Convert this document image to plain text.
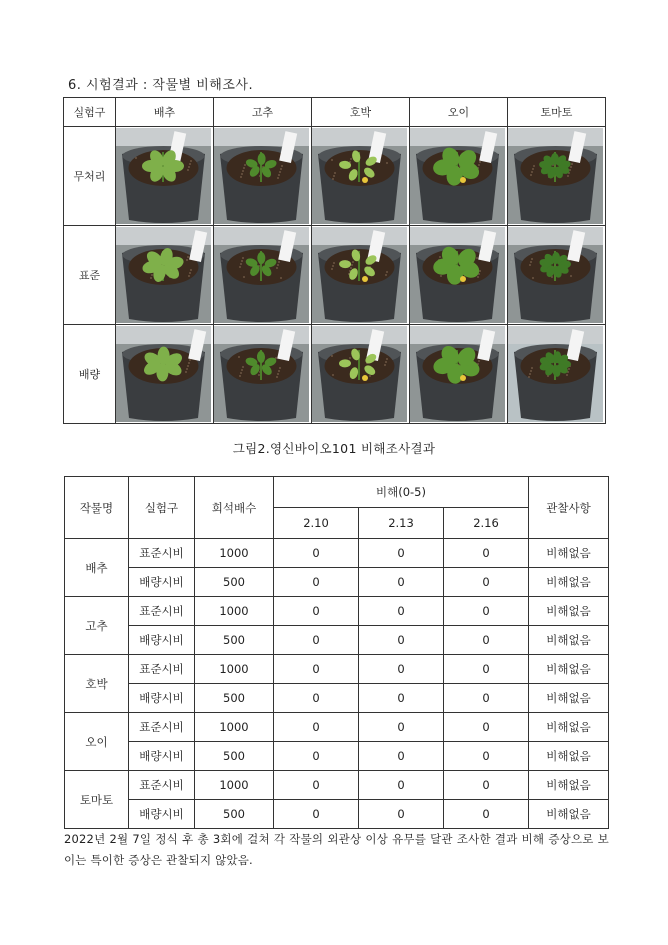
6. 시험결과 : 작물별 비해조사.
실험구	배추	고추	호박	오이	토마토
무처리	

표준	

배량	

그림2.영신바이오101 비해조사결과
작물명	실험구	희석배수	비해(0-5)			관찰사항
			2.10	2.13	2.16	
배추	표준시비	1000	0	0	0	비해없음
	배량시비	500	0	0	0	비해없음
고추	표준시비	1000	0	0	0	비해없음
	배량시비	500	0	0	0	비해없음
호박	표준시비	1000	0	0	0	비해없음
	배량시비	500	0	0	0	비해없음
오이	표준시비	1000	0	0	0	비해없음
	배량시비	500	0	0	0	비해없음
토마토	표준시비	1000	0	0	0	비해없음
	배량시비	500	0	0	0	비해없음
2022년 2월 7일 정식 후 총 3회에 걸쳐 각 작물의 외관상 이상 유무를 달관 조사한 결과 비해 증상으로 보이는 특이한 증상은 관찰되지 않았음.
